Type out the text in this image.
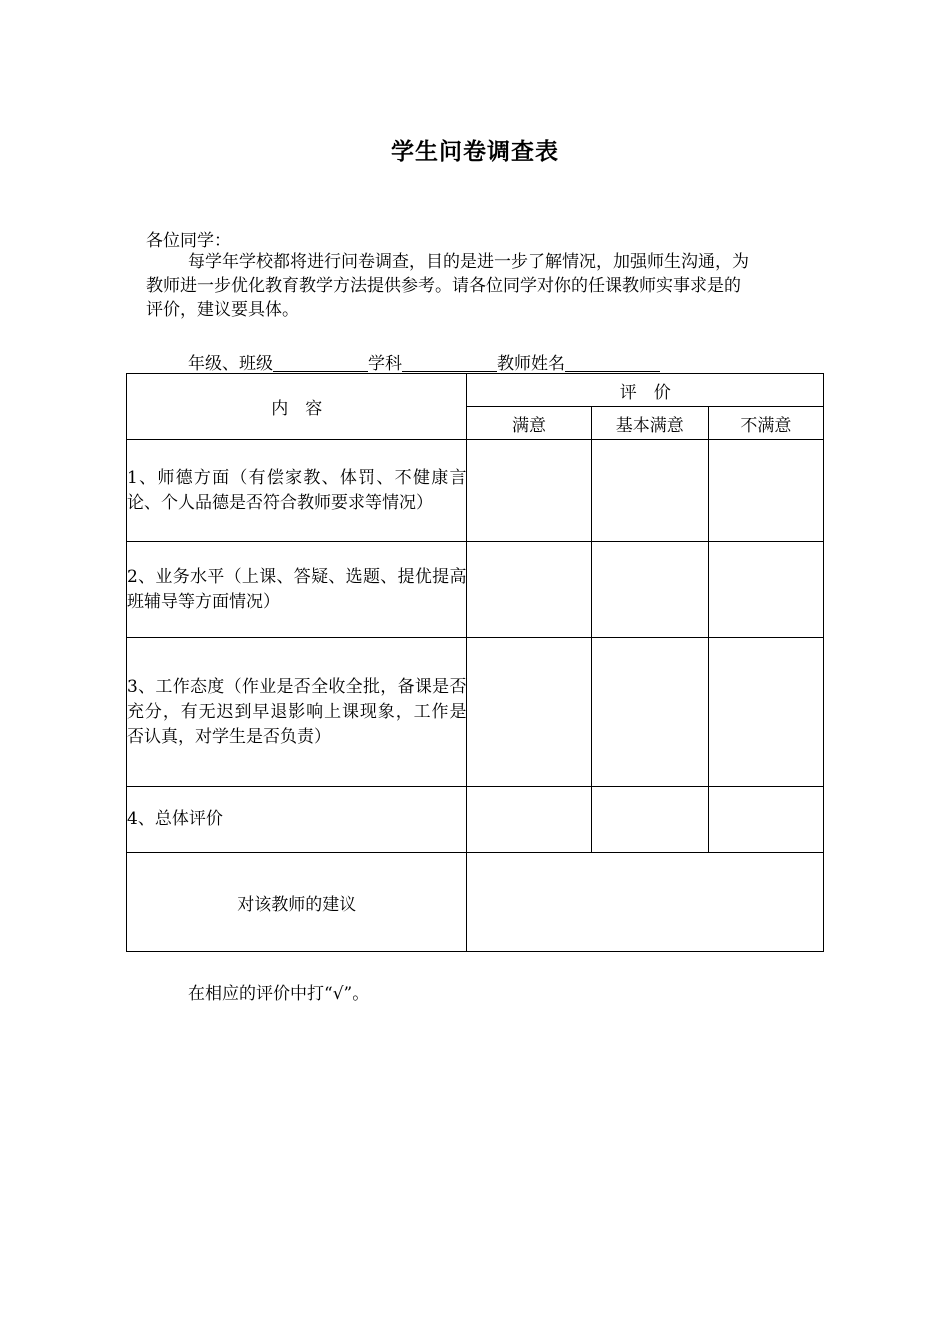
学生问卷调查表
各位同学：
每学年学校都将进行问卷调查，目的是进一步了解情况，加强师生沟通，为
教师进一步优化教育教学方法提供参考。请各位同学对你的任课教师实事求是的
评价，建议要具体。
年级、班级	学科	教师姓名
内　容	评　价		
	满意	基本满意	不满意
1、师德方面（有偿家教、体罚、不健康言论、个人品德是否符合教师要求等情况）			
2、业务水平（上课、答疑、选题、提优提高班辅导等方面情况）			
3、工作态度（作业是否全收全批，备课是否充分，有无迟到早退影响上课现象，工作是否认真，对学生是否负责）			
4、总体评价			
对该教师的建议			
在相应的评价中打“√”。
